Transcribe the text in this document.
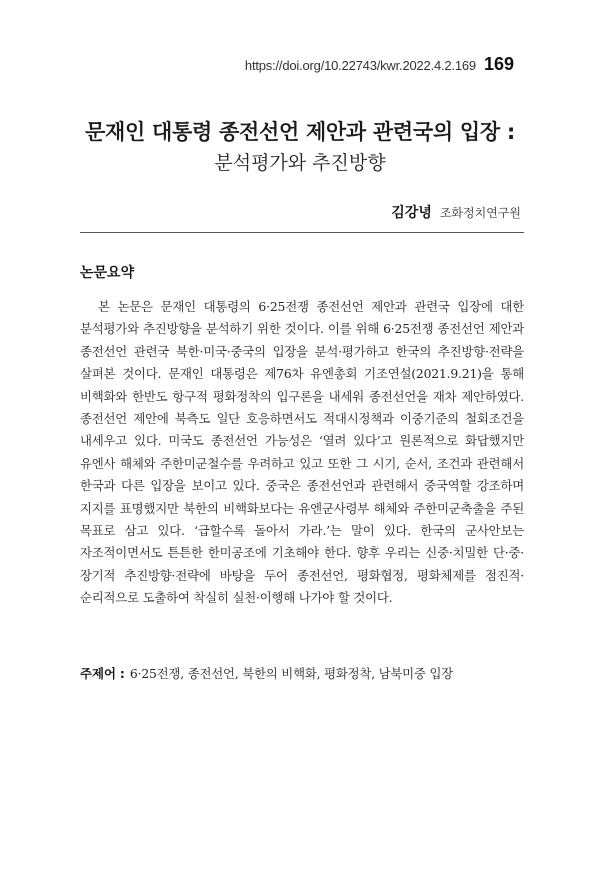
https://doi.org/10.22743/kwr.2022.4.2.169 169
문재인 대통령 종전선언 제안과 관련국의 입장 :
분석평가와 추진방향
김강녕 조화정치연구원
논문요약

본 논문은 문재인 대통령의 6·25전쟁 종전선언 제안과 관련국 입장에 대한 분석평가와 추진방향을 분석하기 위한 것이다. 이를 위해 6·25전쟁 종전선언 제안과 종전선언 관련국 북한·미국·중국의 입장을 분석·평가하고 한국의 추진방향·전략을 살펴본 것이다. 문재인 대통령은 제76차 유엔총회 기조연설(2021.9.21)을 통해 비핵화와 한반도 항구적 평화정착의 입구론을 내세워 종전선언을 재차 제안하였다. 종전선언 제안에 북측도 일단 호응하면서도 적대시정책과 이중기준의 철회조건을 내세우고 있다. 미국도 종전선언 가능성은 ‘열려 있다’고 원론적으로 화답했지만 유엔사 해체와 주한미군철수를 우려하고 있고 또한 그 시기, 순서, 조건과 관련해서 한국과 다른 입장을 보이고 있다. 중국은 종전선언과 관련해서 중국역할 강조하며 지지를 표명했지만 북한의 비핵화보다는 유엔군사령부 해체와 주한미군축출을 주된 목표로 삼고 있다. ‘급할수록 돌아서 가라.’는 말이 있다. 한국의 군사안보는 자조적이면서도 튼튼한 한미공조에 기초해야 한다. 향후 우리는 신중·치밀한 단·중·장기적 추진방향·전략에 바탕을 두어 종전선언, 평화협정, 평화체제를 점진적·순리적으로 도출하여 착실히 실천·이행해 나가야 할 것이다.

주제어 : 6·25전쟁, 종전선언, 북한의 비핵화, 평화정착, 남북미중 입장
